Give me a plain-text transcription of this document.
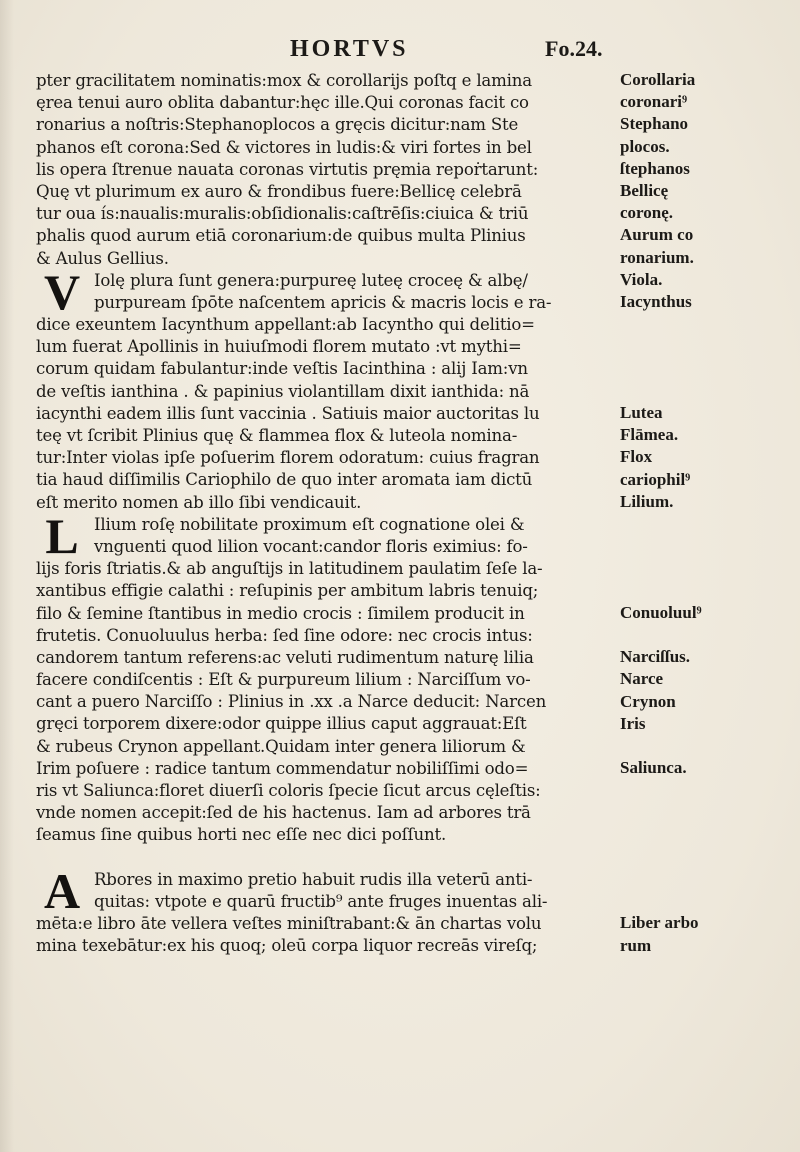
HORTVS	Fo.24.
pter gracilitatem nominatis:mox & corollarijs poſtq e lamina
ęrea tenui auro oblita dabantur:hęc ille.Qui coronas facit co
ronarius a noſtris:Stephanoplocos a gręcis dicitur:nam Ste
phanos eſt corona:Sed & victores in ludis:& viri fortes in bel
lis opera ſtrenue nauata coronas virtutis pręmia repoṙtarunt:
Quę vt plurimum ex auro & frondibus fuere:Bellicę celebrā
tur oua ís:naualis:muralis:obſidionalis:caſtrēſis:ciuica & triū
phalis quod aurum etiā coronarium:de quibus multa Plinius
& Aulus Gellius.
V Iolę plura ſunt genera:purpureę luteę croceę & albę/
purpuream ſpōte naſcentem apricis & macris locis e ra-
dice exeuntem Iacynthum appellant:ab Iacyntho qui delitio=
lum fuerat Apollinis in huiuſmodi florem mutato :vt mythi=
corum quidam fabulantur:inde veſtis Iacinthina : alij Iam:vn
de veſtis ianthina . & papinius violantillam dixit ianthida: nā
iacynthi eadem illis ſunt vaccinia . Satiuis maior auctoritas lu
teę vt ſcribit Plinius quę & flammea flox & luteola nomina-
tur:Inter violas ipſe poſuerim florem odoratum: cuius fragran
tia haud diſſimilis Cariophilo de quo inter aromata iam dictū
eſt merito nomen ab illo ſibi vendicauit.
L Ilium roſę nobilitate proximum eſt cognatione olei &
vnguenti quod lilion vocant:candor floris eximius: fo-
lijs foris ſtriatis.& ab anguſtijs in latitudinem paulatim ſeſe la-
xantibus effigie calathi : reſupinis per ambitum labris tenuiq;
filo & ſemine ſtantibus in medio crocis : ſimilem producit in
frutetis. Conuoluulus herba: ſed ſine odore: nec crocis intus:
candorem tantum referens:ac veluti rudimentum naturę lilia
facere condiſcentis : Eſt & purpureum lilium : Narciſſum vo-
cant a puero Narciſſo : Plinius in .xx .a Narce deducit: Narcen
gręci torporem dixere:odor quippe illius caput aggrauat:Eſt
& rubeus Crynon appellant.Quidam inter genera liliorum &
Irim poſuere : radice tantum commendatur nobiliſſimi odo=
ris vt Saliunca:floret diuerſi coloris ſpecie ſicut arcus cęleſtis:
vnde nomen accepit:ſed de his hactenus. Iam ad arbores trā
ſeamus ſine quibus horti nec eſſe nec dici poſſunt.
A Rbores in maximo pretio habuit rudis illa veterū anti-
quitas: vtpote e quarū fructib⁹ ante fruges inuentas ali-
mēta:e libro āte vellera veſtes miniſtrabant:& ān chartas volu
mina texebātur:ex his quoq; oleū corpa liquor recreās vireſq;
Corollaria
coronari⁹
Stephano
plocos.
ſtephanos
Bellicę
coronę.
Aurum co
ronarium.
Viola.
Iacynthus
Lutea
Flāmea.
Flox
cariophil⁹
Lilium.
Conuoluul⁹
Narciſſus.
Narce
Crynon
Iris
Saliunca.
Liber arbo
rum
